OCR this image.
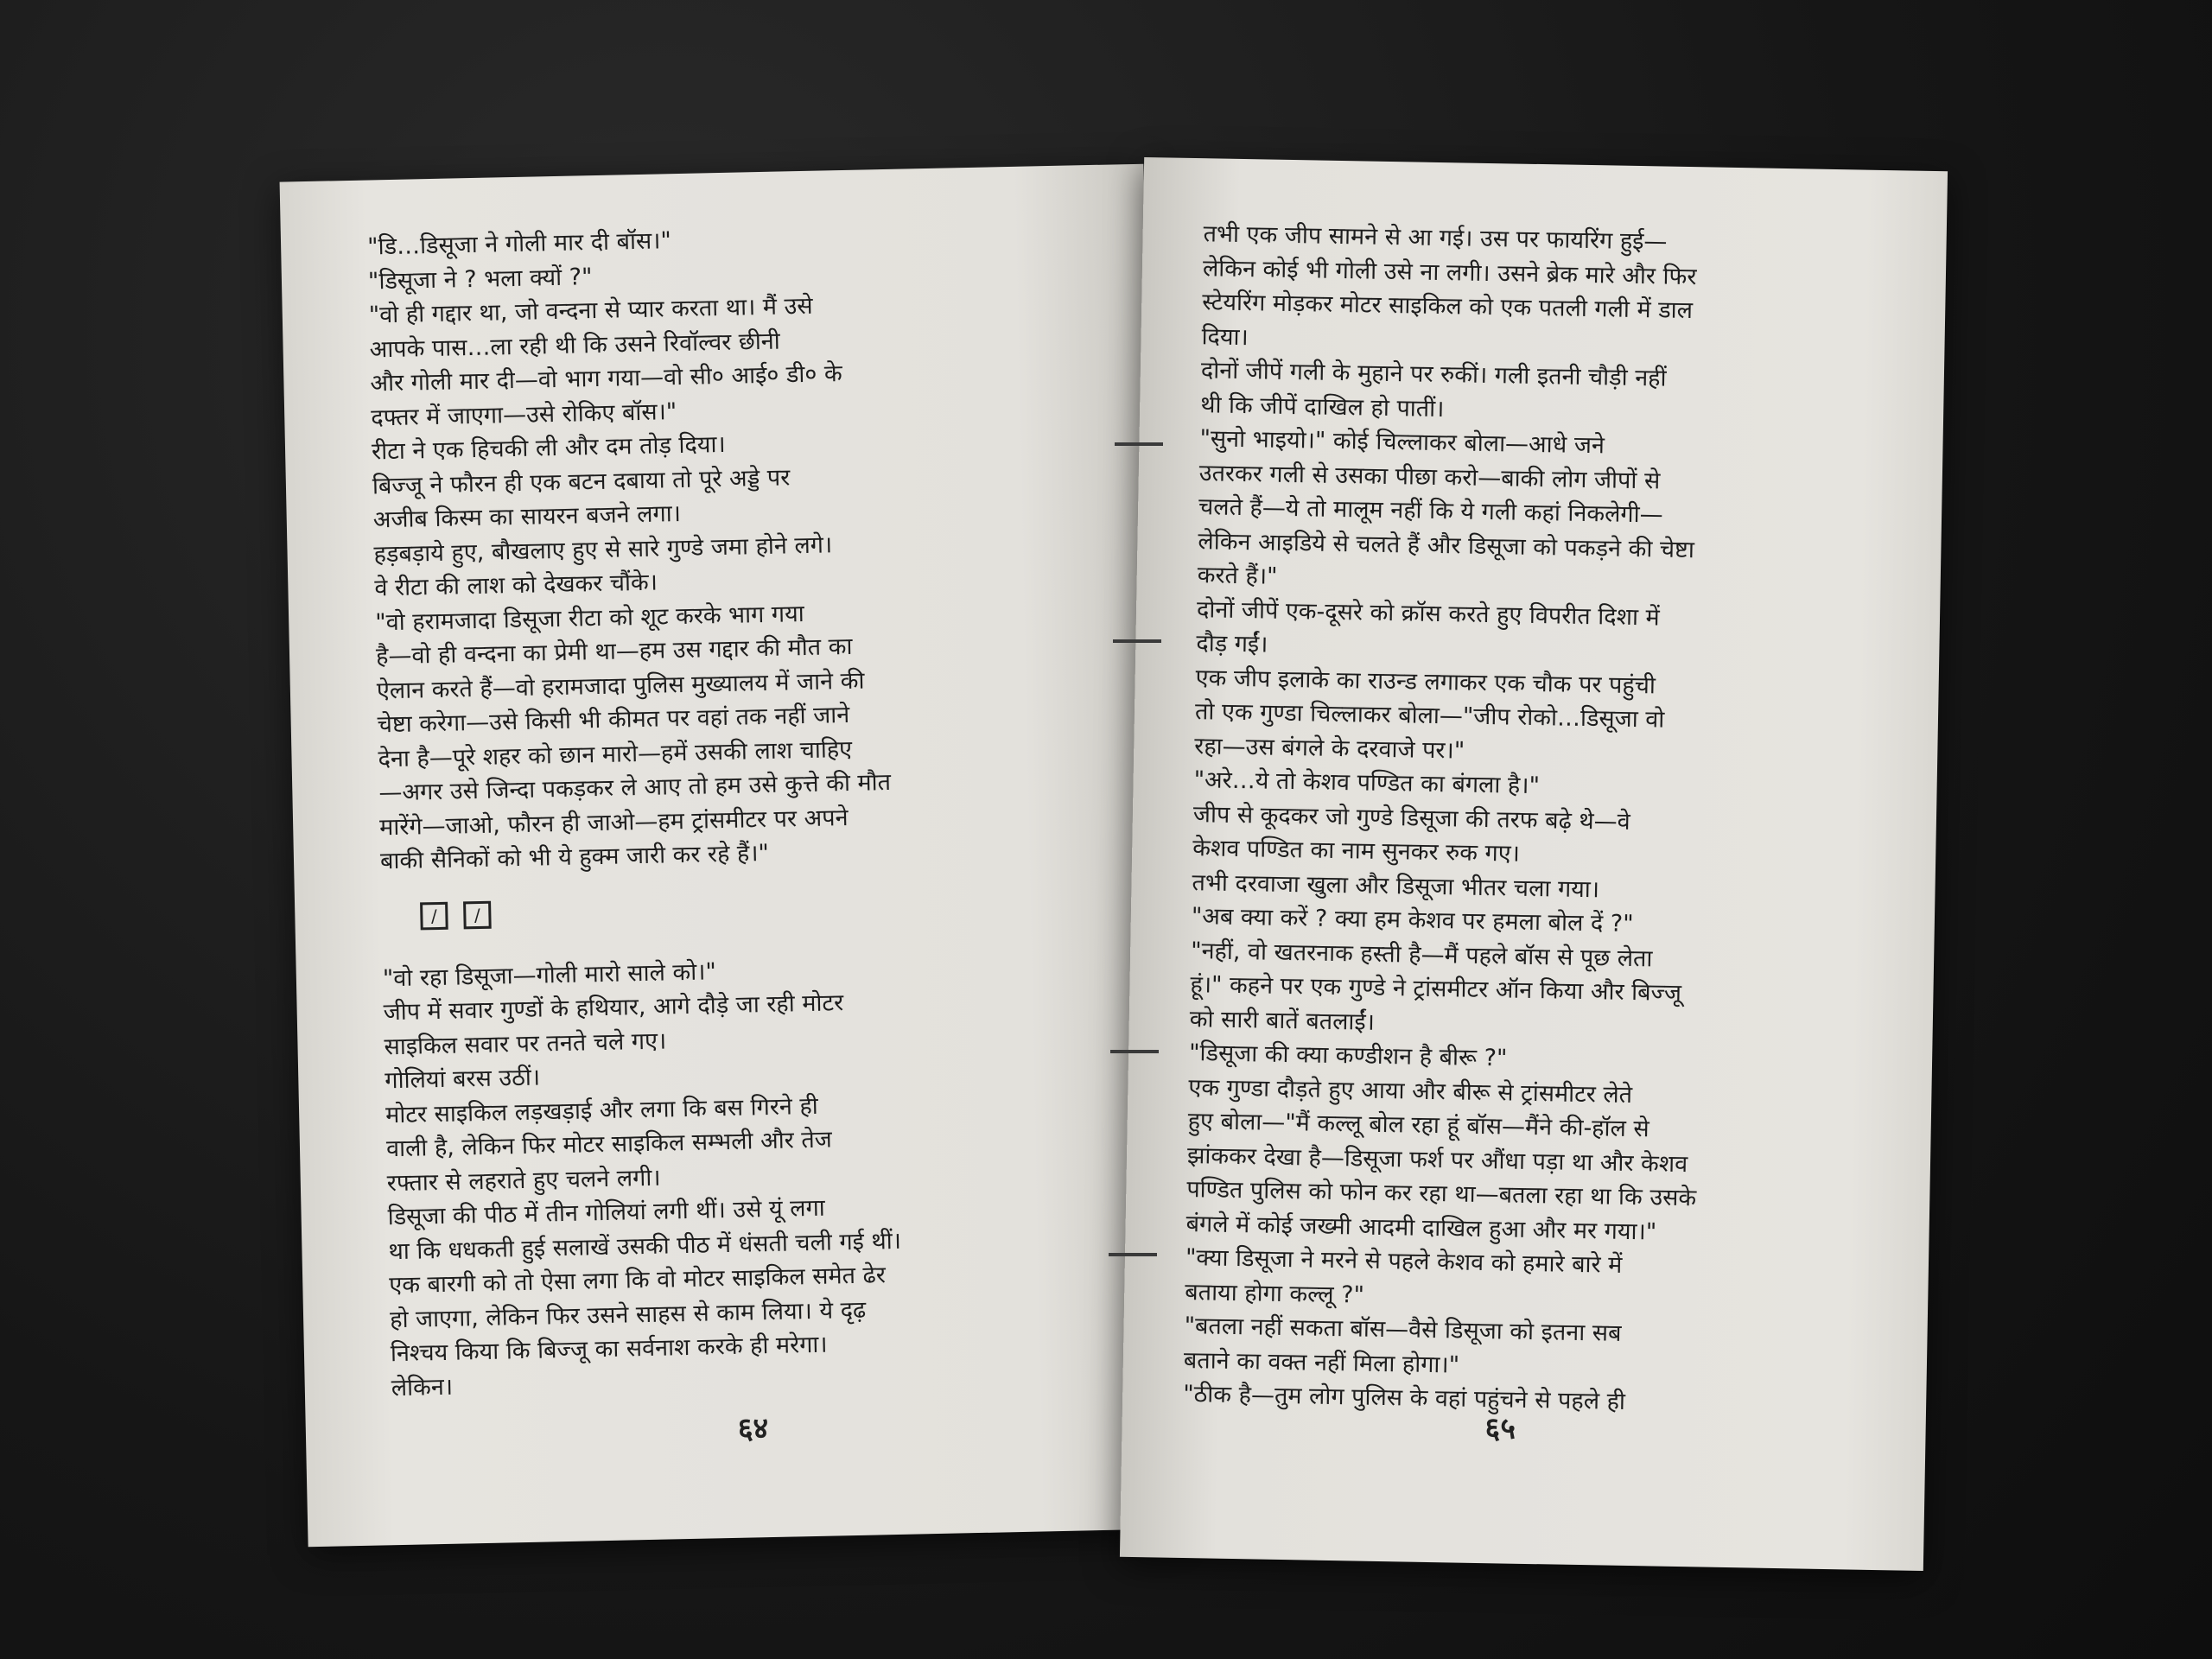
"डि…डिसूजा ने गोली मार दी बॉस।"
"डिसूजा ने ? भला क्यों ?"
"वो ही गद्दार था, जो वन्दना से प्यार करता था। मैं उसे
आपके पास…ला रही थी कि उसने रिवॉल्वर छीनी
और गोली मार दी—वो भाग गया—वो सी० आई० डी० के
दफ्तर में जाएगा—उसे रोकिए बॉस।"
रीटा ने एक हिचकी ली और दम तोड़ दिया।
बिज्जू ने फौरन ही एक बटन दबाया तो पूरे अड्डे पर
अजीब किस्म का सायरन बजने लगा।
हड़बड़ाये हुए, बौखलाए हुए से सारे गुण्डे जमा होने लगे।
वे रीटा की लाश को देखकर चौंके।
"वो हरामजादा डिसूजा रीटा को शूट करके भाग गया
है—वो ही वन्दना का प्रेमी था—हम उस गद्दार की मौत का
ऐलान करते हैं—वो हरामजादा पुलिस मुख्यालय में जाने की
चेष्टा करेगा—उसे किसी भी कीमत पर वहां तक नहीं जाने
देना है—पूरे शहर को छान मारो—हमें उसकी लाश चाहिए
—अगर उसे जिन्दा पकड़कर ले आए तो हम उसे कुत्ते की मौत
मारेंगे—जाओ, फौरन ही जाओ—हम ट्रांसमीटर पर अपने
बाकी सैनिकों को भी ये हुक्म जारी कर रहे हैं।"
/	/
"वो रहा डिसूजा—गोली मारो साले को।"
जीप में सवार गुण्डों के हथियार, आगे दौड़े जा रही मोटर
साइकिल सवार पर तनते चले गए।
गोलियां बरस उठीं।
मोटर साइकिल लड़खड़ाई और लगा कि बस गिरने ही
वाली है, लेकिन फिर मोटर साइकिल सम्भली और तेज
रफ्तार से लहराते हुए चलने लगी।
डिसूजा की पीठ में तीन गोलियां लगी थीं। उसे यूं लगा
था कि धधकती हुई सलाखें उसकी पीठ में धंसती चली गई थीं।
एक बारगी को तो ऐसा लगा कि वो मोटर साइकिल समेत ढेर
हो जाएगा, लेकिन फिर उसने साहस से काम लिया। ये दृढ़
निश्चय किया कि बिज्जू का सर्वनाश करके ही मरेगा।
लेकिन।
६४
तभी एक जीप सामने से आ गई। उस पर फायरिंग हुई—
लेकिन कोई भी गोली उसे ना लगी। उसने ब्रेक मारे और फिर
स्टेयरिंग मोड़कर मोटर साइकिल को एक पतली गली में डाल
दिया।
दोनों जीपें गली के मुहाने पर रुकीं। गली इतनी चौड़ी नहीं
थी कि जीपें दाखिल हो पातीं।
"सुनो भाइयो।" कोई चिल्लाकर बोला—आधे जने
उतरकर गली से उसका पीछा करो—बाकी लोग जीपों से
चलते हैं—ये तो मालूम नहीं कि ये गली कहां निकलेगी—
लेकिन आइडिये से चलते हैं और डिसूजा को पकड़ने की चेष्टा
करते हैं।"
दोनों जीपें एक-दूसरे को क्रॉस करते हुए विपरीत दिशा में
दौड़ गईं।
एक जीप इलाके का राउन्ड लगाकर एक चौक पर पहुंची
तो एक गुण्डा चिल्लाकर बोला—"जीप रोको…डिसूजा वो
रहा—उस बंगले के दरवाजे पर।"
"अरे…ये तो केशव पण्डित का बंगला है।"
जीप से कूदकर जो गुण्डे डिसूजा की तरफ बढ़े थे—वे
केशव पण्डित का नाम सुनकर रुक गए।
तभी दरवाजा खुला और डिसूजा भीतर चला गया।
"अब क्या करें ? क्या हम केशव पर हमला बोल दें ?"
"नहीं, वो खतरनाक हस्ती है—मैं पहले बॉस से पूछ लेता
हूं।" कहने पर एक गुण्डे ने ट्रांसमीटर ऑन किया और बिज्जू
को सारी बातें बतलाईं।
"डिसूजा की क्या कण्डीशन है बीरू ?"
एक गुण्डा दौड़ते हुए आया और बीरू से ट्रांसमीटर लेते
हुए बोला—"मैं कल्लू बोल रहा हूं बॉस—मैंने की-हॉल से
झांककर देखा है—डिसूजा फर्श पर औंधा पड़ा था और केशव
पण्डित पुलिस को फोन कर रहा था—बतला रहा था कि उसके
बंगले में कोई जख्मी आदमी दाखिल हुआ और मर गया।"
"क्या डिसूजा ने मरने से पहले केशव को हमारे बारे में
बताया होगा कल्लू ?"
"बतला नहीं सकता बॉस—वैसे डिसूजा को इतना सब
बताने का वक्त नहीं मिला होगा।"
"ठीक है—तुम लोग पुलिस के वहां पहुंचने से पहले ही
६५
